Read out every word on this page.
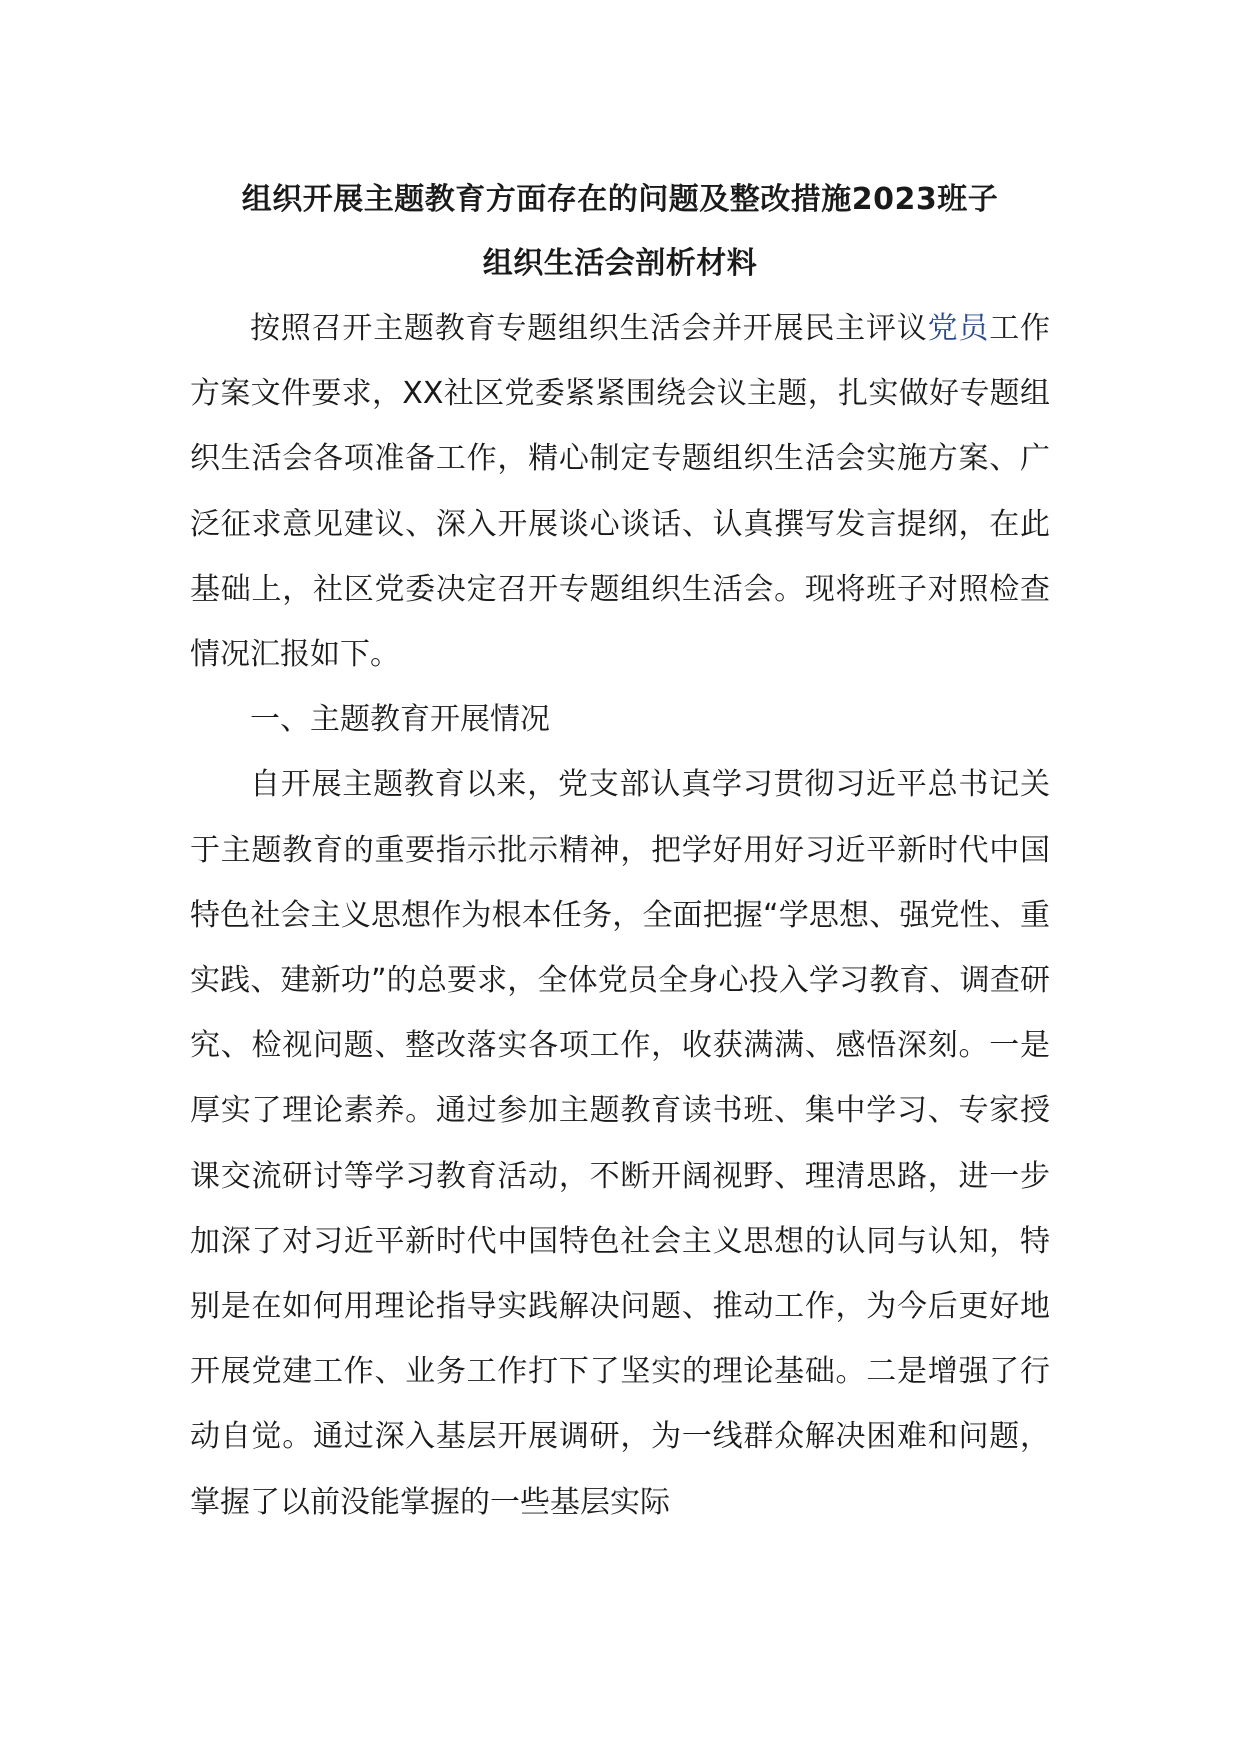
组织开展主题教育方面存在的问题及整改措施2023班子
组织生活会剖析材料

按照召开主题教育专题组织生活会并开展民主评议党员工作方案文件要求，XX社区党委紧紧围绕会议主题，扎实做好专题组织生活会各项准备工作，精心制定专题组织生活会实施方案、广泛征求意见建议、深入开展谈心谈话、认真撰写发言提纲，在此基础上，社区党委决定召开专题组织生活会。现将班子对照检查情况汇报如下。

一、主题教育开展情况

自开展主题教育以来，党支部认真学习贯彻习近平总书记关于主题教育的重要指示批示精神，把学好用好习近平新时代中国特色社会主义思想作为根本任务，全面把握“学思想、强党性、重实践、建新功”的总要求，全体党员全身心投入学习教育、调查研究、检视问题、整改落实各项工作，收获满满、感悟深刻。一是厚实了理论素养。通过参加主题教育读书班、集中学习、专家授课交流研讨等学习教育活动，不断开阔视野、理清思路，进一步加深了对习近平新时代中国特色社会主义思想的认同与认知，特别是在如何用理论指导实践解决问题、推动工作，为今后更好地开展党建工作、业务工作打下了坚实的理论基础。二是增强了行动自觉。通过深入基层开展调研，为一线群众解决困难和问题，掌握了以前没能掌握的一些基层实际
